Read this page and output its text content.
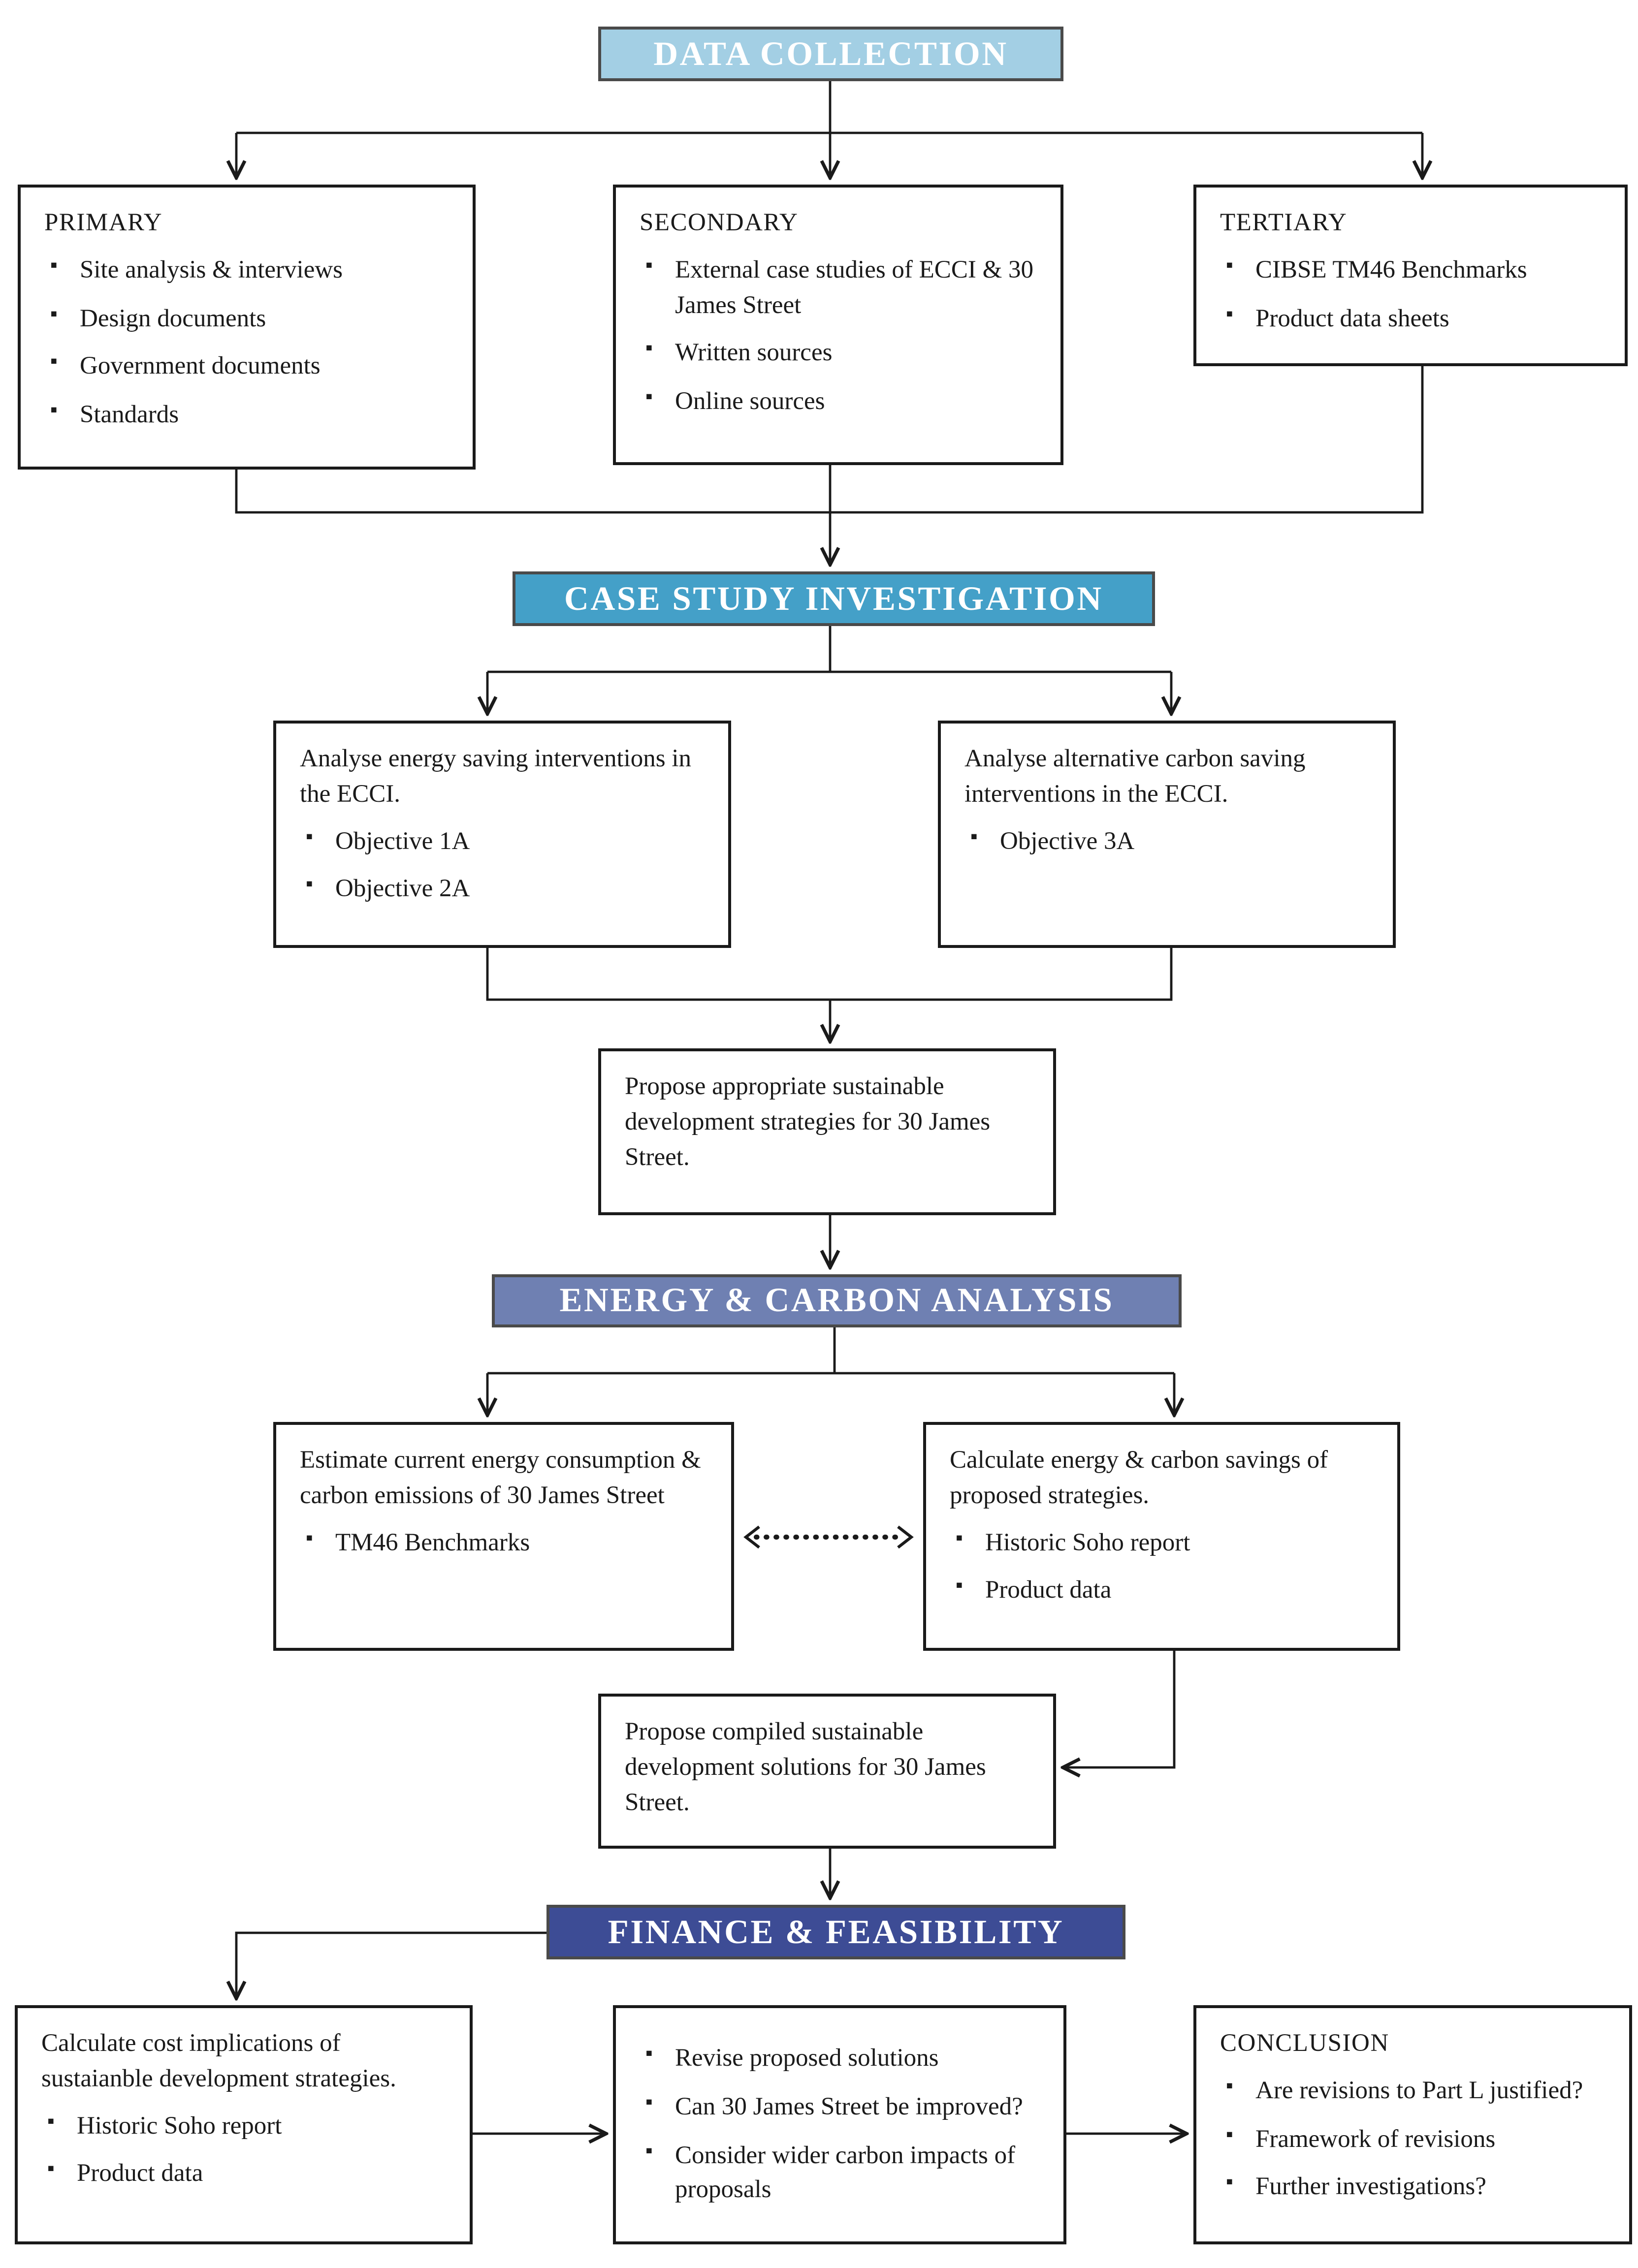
DATA COLLECTION
CASE STUDY INVESTIGATION
ENERGY & CARBON ANALYSIS
FINANCE & FEASIBILITY
PRIMARY
▪ Site analysis & interviews
▪ Design documents
▪ Government documents
▪ Standards
SECONDARY
▪ External case studies of ECCI & 30 James Street
▪ Written sources
▪ Online sources
TERTIARY
▪ CIBSE TM46 Benchmarks
▪ Product data sheets
Analyse energy saving interventions in the ECCI.
▪ Objective 1A
▪ Objective 2A
Analyse alternative carbon saving interventions in the ECCI.
▪ Objective 3A
Propose appropriate sustainable development strategies for 30 James Street.
Estimate current energy consumption & carbon emissions of 30 James Street
▪ TM46 Benchmarks
Calculate energy & carbon savings of proposed strategies.
▪ Historic Soho report
▪ Product data
Propose compiled sustainable development solutions for 30 James Street.
Calculate cost implications of sustaianble development strategies.
▪ Historic Soho report
▪ Product data
▪ Revise proposed solutions
▪ Can 30 James Street be improved?
▪ Consider wider carbon impacts of proposals
CONCLUSION
▪ Are revisions to Part L justified?
▪ Framework of revisions
▪ Further investigations?
